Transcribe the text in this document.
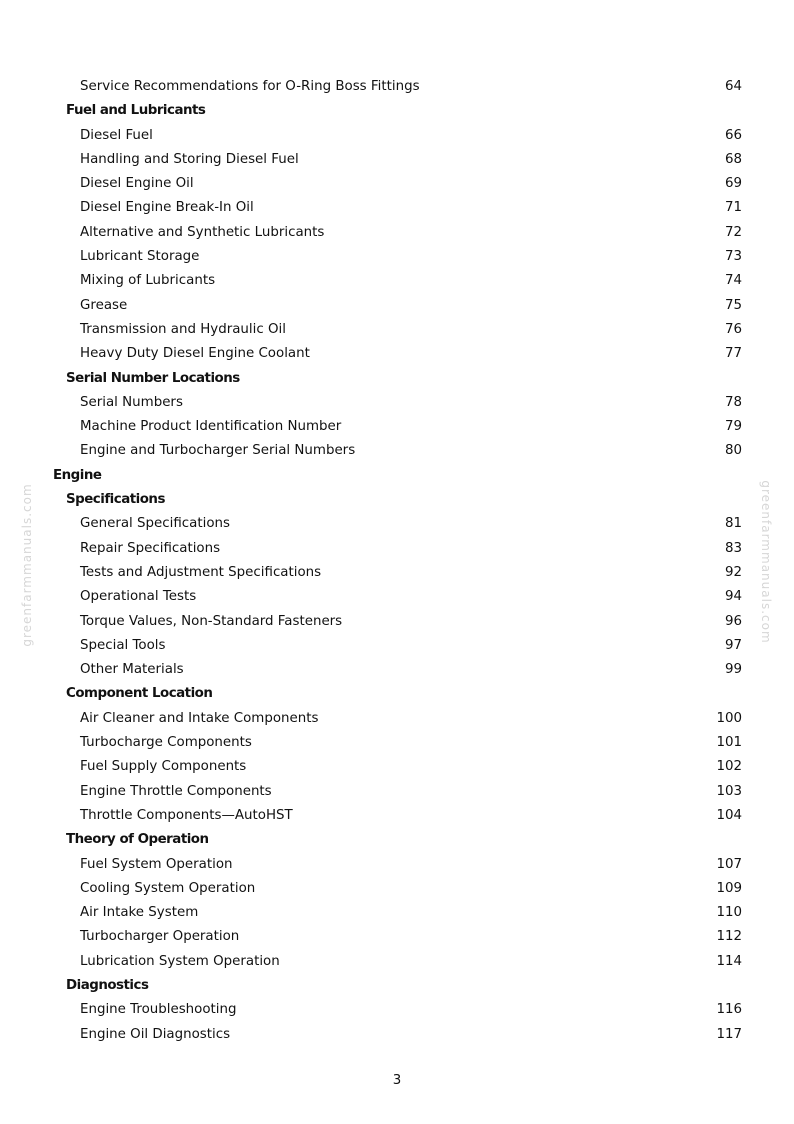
Service Recommendations for O-Ring Boss Fittings	64
Fuel and Lubricants
Diesel Fuel	66
Handling and Storing Diesel Fuel	68
Diesel Engine Oil	69
Diesel Engine Break-In Oil	71
Alternative and Synthetic Lubricants	72
Lubricant Storage	73
Mixing of Lubricants	74
Grease	75
Transmission and Hydraulic Oil	76
Heavy Duty Diesel Engine Coolant	77
Serial Number Locations
Serial Numbers	78
Machine Product Identification Number	79
Engine and Turbocharger Serial Numbers	80
Engine
Specifications
General Specifications	81
Repair Specifications	83
Tests and Adjustment Specifications	92
Operational Tests	94
Torque Values, Non-Standard Fasteners	96
Special Tools	97
Other Materials	99
Component Location
Air Cleaner and Intake Components	100
Turbocharge Components	101
Fuel Supply Components	102
Engine Throttle Components	103
Throttle Components—AutoHST	104
Theory of Operation
Fuel System Operation	107
Cooling System Operation	109
Air Intake System	110
Turbocharger Operation	112
Lubrication System Operation	114
Diagnostics
Engine Troubleshooting	116
Engine Oil Diagnostics	117
3
greenfarmmanuals.com	greenfarmmanuals.com
